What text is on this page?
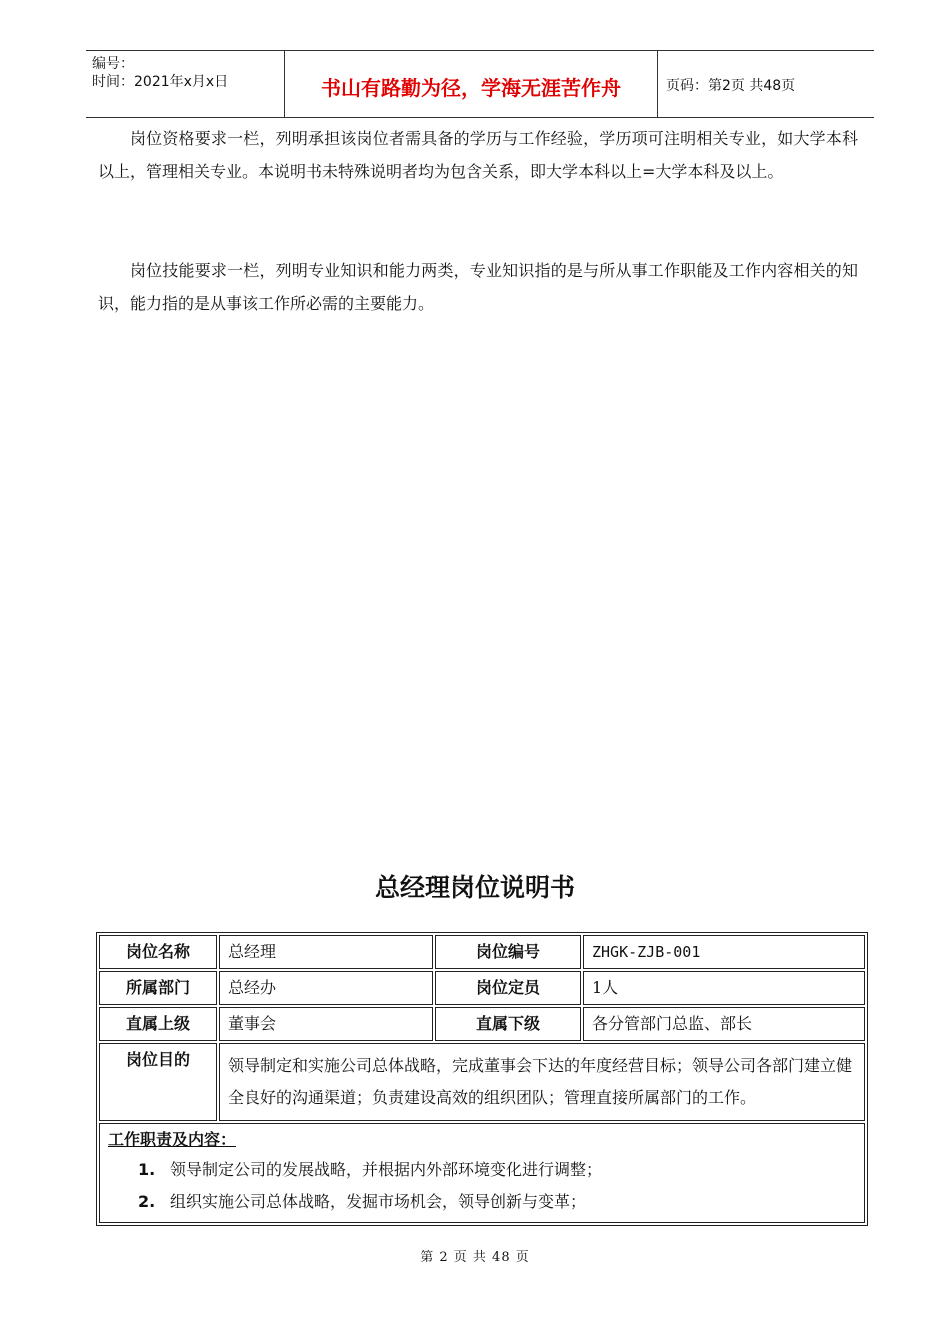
编号：
时间：2021年x月x日	书山有路勤为径，学海无涯苦作舟	页码：第2页 共48页

岗位资格要求一栏，列明承担该岗位者需具备的学历与工作经验，学历项可注明相关专业，如大学本科以上，管理相关专业。本说明书未特殊说明者均为包含关系，即大学本科以上=大学本科及以上。

岗位技能要求一栏，列明专业知识和能力两类，专业知识指的是与所从事工作职能及工作内容相关的知识，能力指的是从事该工作所必需的主要能力。

总经理岗位说明书
岗位名称	总经理	岗位编号	ZHGK-ZJB-001
所属部门	总经办	岗位定员	1人
直属上级	董事会	直属下级	各分管部门总监、部长
岗位目的	领导制定和实施公司总体战略，完成董事会下达的年度经营目标；领导公司各部门建立健全良好的沟通渠道；负责建设高效的组织团队；管理直接所属部门的工作。		

工作职责及内容：
1. 领导制定公司的发展战略，并根据内外部环境变化进行调整；
2. 组织实施公司总体战略，发掘市场机会，领导创新与变革；			
第 2 页 共 48 页
